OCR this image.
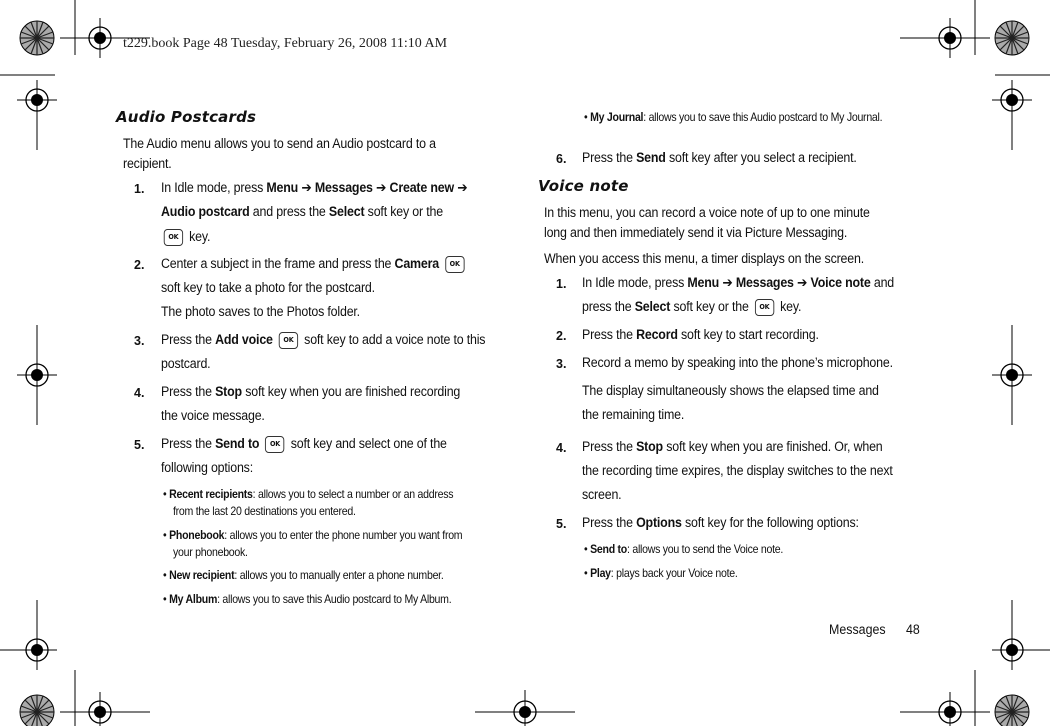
t229.book Page 48 Tuesday, February 26, 2008 11:10 AM
Audio Postcards
The Audio menu allows you to send an Audio postcard to a
recipient.
1. In Idle mode, press Menu ➔ Messages ➔ Create new ➔
Audio postcard and press the Select soft key or the
OK key.
2. Center a subject in the frame and press the Camera OK
soft key to take a photo for the postcard.
The photo saves to the Photos folder.
3. Press the Add voice OK soft key to add a voice note to this
postcard.
4. Press the Stop soft key when you are finished recording
the voice message.
5. Press the Send to OK soft key and select one of the
following options:
• Recent recipients: allows you to select a number or an address
from the last 20 destinations you entered.
• Phonebook: allows you to enter the phone number you want from
your phonebook.
• New recipient: allows you to manually enter a phone number.
• My Album: allows you to save this Audio postcard to My Album.
• My Journal: allows you to save this Audio postcard to My Journal.
6. Press the Send soft key after you select a recipient.
Voice note
In this menu, you can record a voice note of up to one minute
long and then immediately send it via Picture Messaging.
When you access this menu, a timer displays on the screen.
1. In Idle mode, press Menu ➔ Messages ➔ Voice note and
press the Select soft key or the OK key.
2. Press the Record soft key to start recording.
3. Record a memo by speaking into the phone’s microphone.
The display simultaneously shows the elapsed time and
the remaining time.
4. Press the Stop soft key when you are finished. Or, when
the recording time expires, the display switches to the next
screen.
5. Press the Options soft key for the following options:
• Send to: allows you to send the Voice note.
• Play: plays back your Voice note.
Messages 48
